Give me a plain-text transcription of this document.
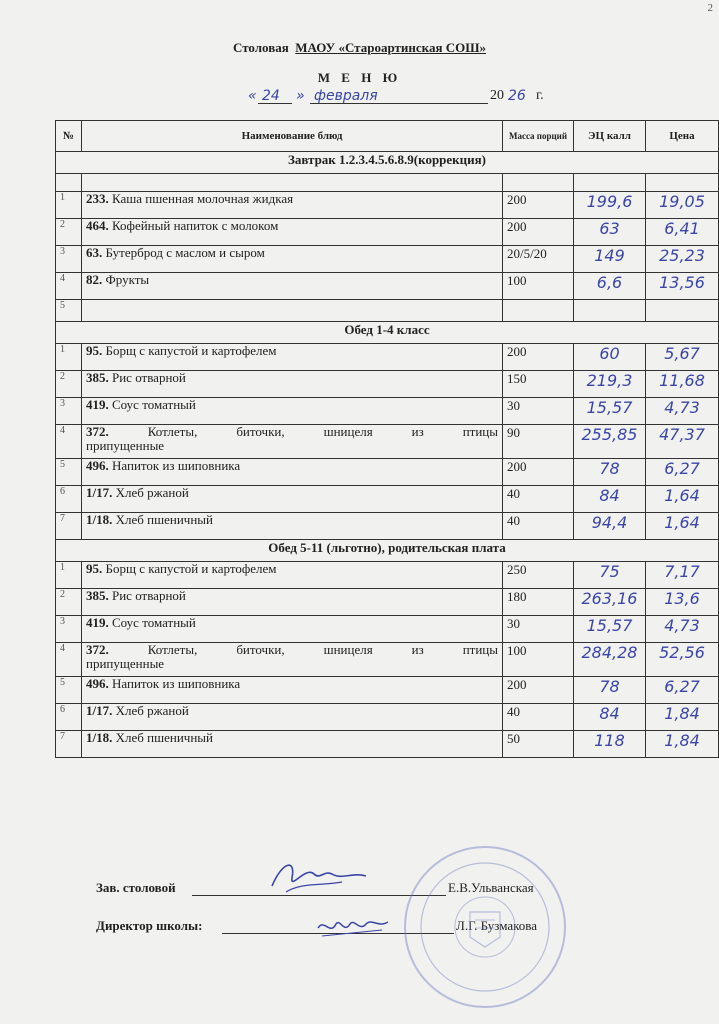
2
Столовая МАОУ «Староартинская СОШ»
М Е Н Ю
« 24 » февраля	20 26 г.
№	Наименование блюд	Масса порций	ЭЦ калл	Цена
Завтрак 1.2.3.4.5.6.8.9(коррекция)				

1	233. Каша пшенная молочная жидкая	200	199,6	19,05
2	464. Кофейный напиток с молоком	200	63	6,41
3	63. Бутерброд с маслом и сыром	20/5/20	149	25,23
4	82. Фрукты	100	6,6	13,56
5				
Обед 1-4 класс				
1	95. Борщ с капустой и картофелем	200	60	5,67
2	385. Рис отварной	150	219,3	11,68
3	419. Соус томатный	30	15,57	4,73
4	372. Котлеты, биточки, шницеля из птицы
припущенные	90	255,85	47,37
5	496. Напиток из шиповника	200	78	6,27
6	1/17. Хлеб ржаной	40	84	1,64
7	1/18. Хлеб пшеничный	40	94,4	1,64
Обед 5-11 (льготно), родительская плата				
1	95. Борщ с капустой и картофелем	250	75	7,17
2	385. Рис отварной	180	263,16	13,6
3	419. Соус томатный	30	15,57	4,73
4	372. Котлеты, биточки, шницеля из птицы
припущенные	100	284,28	52,56
5	496. Напиток из шиповника	200	78	6,27
6	1/17. Хлеб ржаной	40	84	1,84
7	1/18. Хлеб пшеничный	50	118	1,84
Зав. столовой	Е.В.Ульванская
Директор школы:	Л.Г. Бузмакова
